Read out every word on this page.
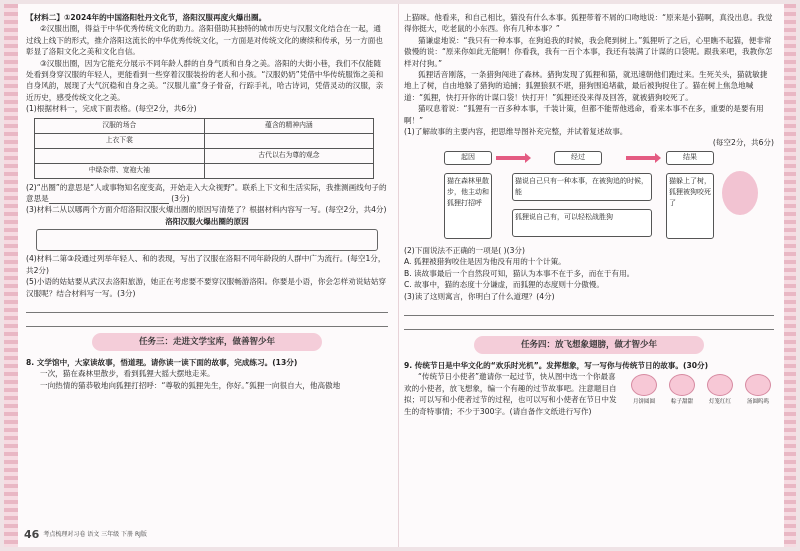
【材料二】①2024年的中国洛阳牡丹文化节，洛阳汉服再度火爆出圈。

②汉服出圈，得益于中华优秀传统文化的助力。洛阳借助其独特的城市历史与汉服文化结合在一起，通过线上线下的形式，推介洛阳这流长的中华优秀传统文化，一方面是对传统文化的赓续和传承，另一方面也彰显了洛阳文化之美和文化自信。

③汉服出圈，因为它能充分展示不同年龄人群的自身气质和自身之美。洛阳的大街小巷，我们不仅能随处看到身穿汉服的年轻人，更能看到一些穿着汉服装扮的老人和小孩。“汉服奶奶”凭借中华传统服饰之美和自身风韵，展现了大气沉稳和自身之美。“汉服儿童”身子骨奋，行踪手礼，哈古诗词，凭借灵动的汉服，亲近历史，感受传统文化之美。

(1)根据材料一，完成下面表格。(每空2分，共6分)

汉服的场合	蕴含的精神内涵
上衣下裳	
	古代以右为尊的观念
中绿杂带、宽袍大袖	

(2)“出圈”的意思是“人或事物知名度变高，开始走入大众视野”。联系上下文和生活实际，我推测画线句子的意思是	(3分)

(3)材料二从以哪两个方面介绍洛阳汉服火爆出圈的原因写清楚了？根据材料内容写一写。(每空2分，共4分)

洛阳汉服火爆出圈的原因

(4)材料二第③段通过列举年轻人、和的表现，写出了汉服在洛阳不同年龄段的人群中广为流行。(每空1分，共2分)

(5)小语的姑姑要从武汉去洛阳旅游，她正在考虑要不要穿汉服畅游洛阳。你要是小语，你会怎样劝说姑姑穿汉服呢？结合材料写一写。(3分)

任务三：走进文学宝库，做善智少年

8. 文学馆中，大家读故事，悟道理。请你读一读下面的故事，完成练习。(13分)

一次，猫在森林里散步，看到狐狸大摇大摆地走来。

一向热情的猫恭敬地向狐狸打招呼：“尊敬的狐狸先生，你好。”狐狸一向很自大，他高傲地

上猫咪。他看来，和自己相比，猫没有什么本事。狐狸带着不屑的口吻地说：“原来是小猫啊，真没出息。我觉得你挺大，吃老鼠的小东西。你有几种本事？”

猫谦虚地说：“我只有一种本事，在狗追我的时候，我会爬到树上。”狐狸听了之后，心里瞧不起猫，便非常傲慢的说：“原来你如此无能啊！你看我，我有一百个本事，我还有装满了计谋的口袋呢。跟我来吧，我教你怎样对付狗。”

狐狸话音刚落，一条猎狗闯进了森林。猎狗发现了狐狸和猫，就迅速朝他们跑过来。生死关头，猫就敏捷地上了树，自由地躲了猎狗的追捕；狐狸狼狈不堪，猎狗围追堵截，最后被狗捉住了。猫在树上焦急地喊道：“狐狸，快打开你的计谋口袋！快打开！”狐狸还没来得及回答，就被猎狗咬死了。

猫叹息着说：“狐狸有一百多种本事，千装计策，但都不能帮他逃命，看来本事不在多，重要的是要有用啊！”

(1)了解故事的主要内容，把思维导图补充完整，并试着复述故事。

(每空2分，共6分)

起因	经过	结果
猫在森林里散步，他主动和狐狸打招呼
猫说自己只有一种本事，在被狗追的时候，能
狐狸说自己有，可以轻松战胜狗
猫躲上了树，狐狸被狗咬死了

(2)下面说法不正确的一项是( )(3分)

A. 狐狸被猎狗咬住是因为他没有用的十个计策。

B. 读故事最后一个自然段可知，猫认为本事不在于多，而在于有用。

C. 故事中，猫的态度十分谦虚，而狐狸的态度则十分傲慢。

(3)读了这则寓言，你明白了什么道理？(4分)

任务四：放飞想象翅膀，做才智少年

9. 传统节日是中华文化的“欢乐时光机”。发挥想象，写一写你与传统节日的故事。(30分)

“传统节日小使者”邀请你一起过节，快从图中选一个你最喜欢的小使者，放飞想象，编一个有趣的过节故事吧。注意题目自拟；可以写和小使者过节的过程，也可以写和小使者在节日中发生的奇特事情；不少于300字。(请自备作文纸进行写作)

月饼圆圆	粽子甜甜	灯笼红红	汤圆呜呜
46 考点梳理对习卷 语文 三年级 下册 RJ版
